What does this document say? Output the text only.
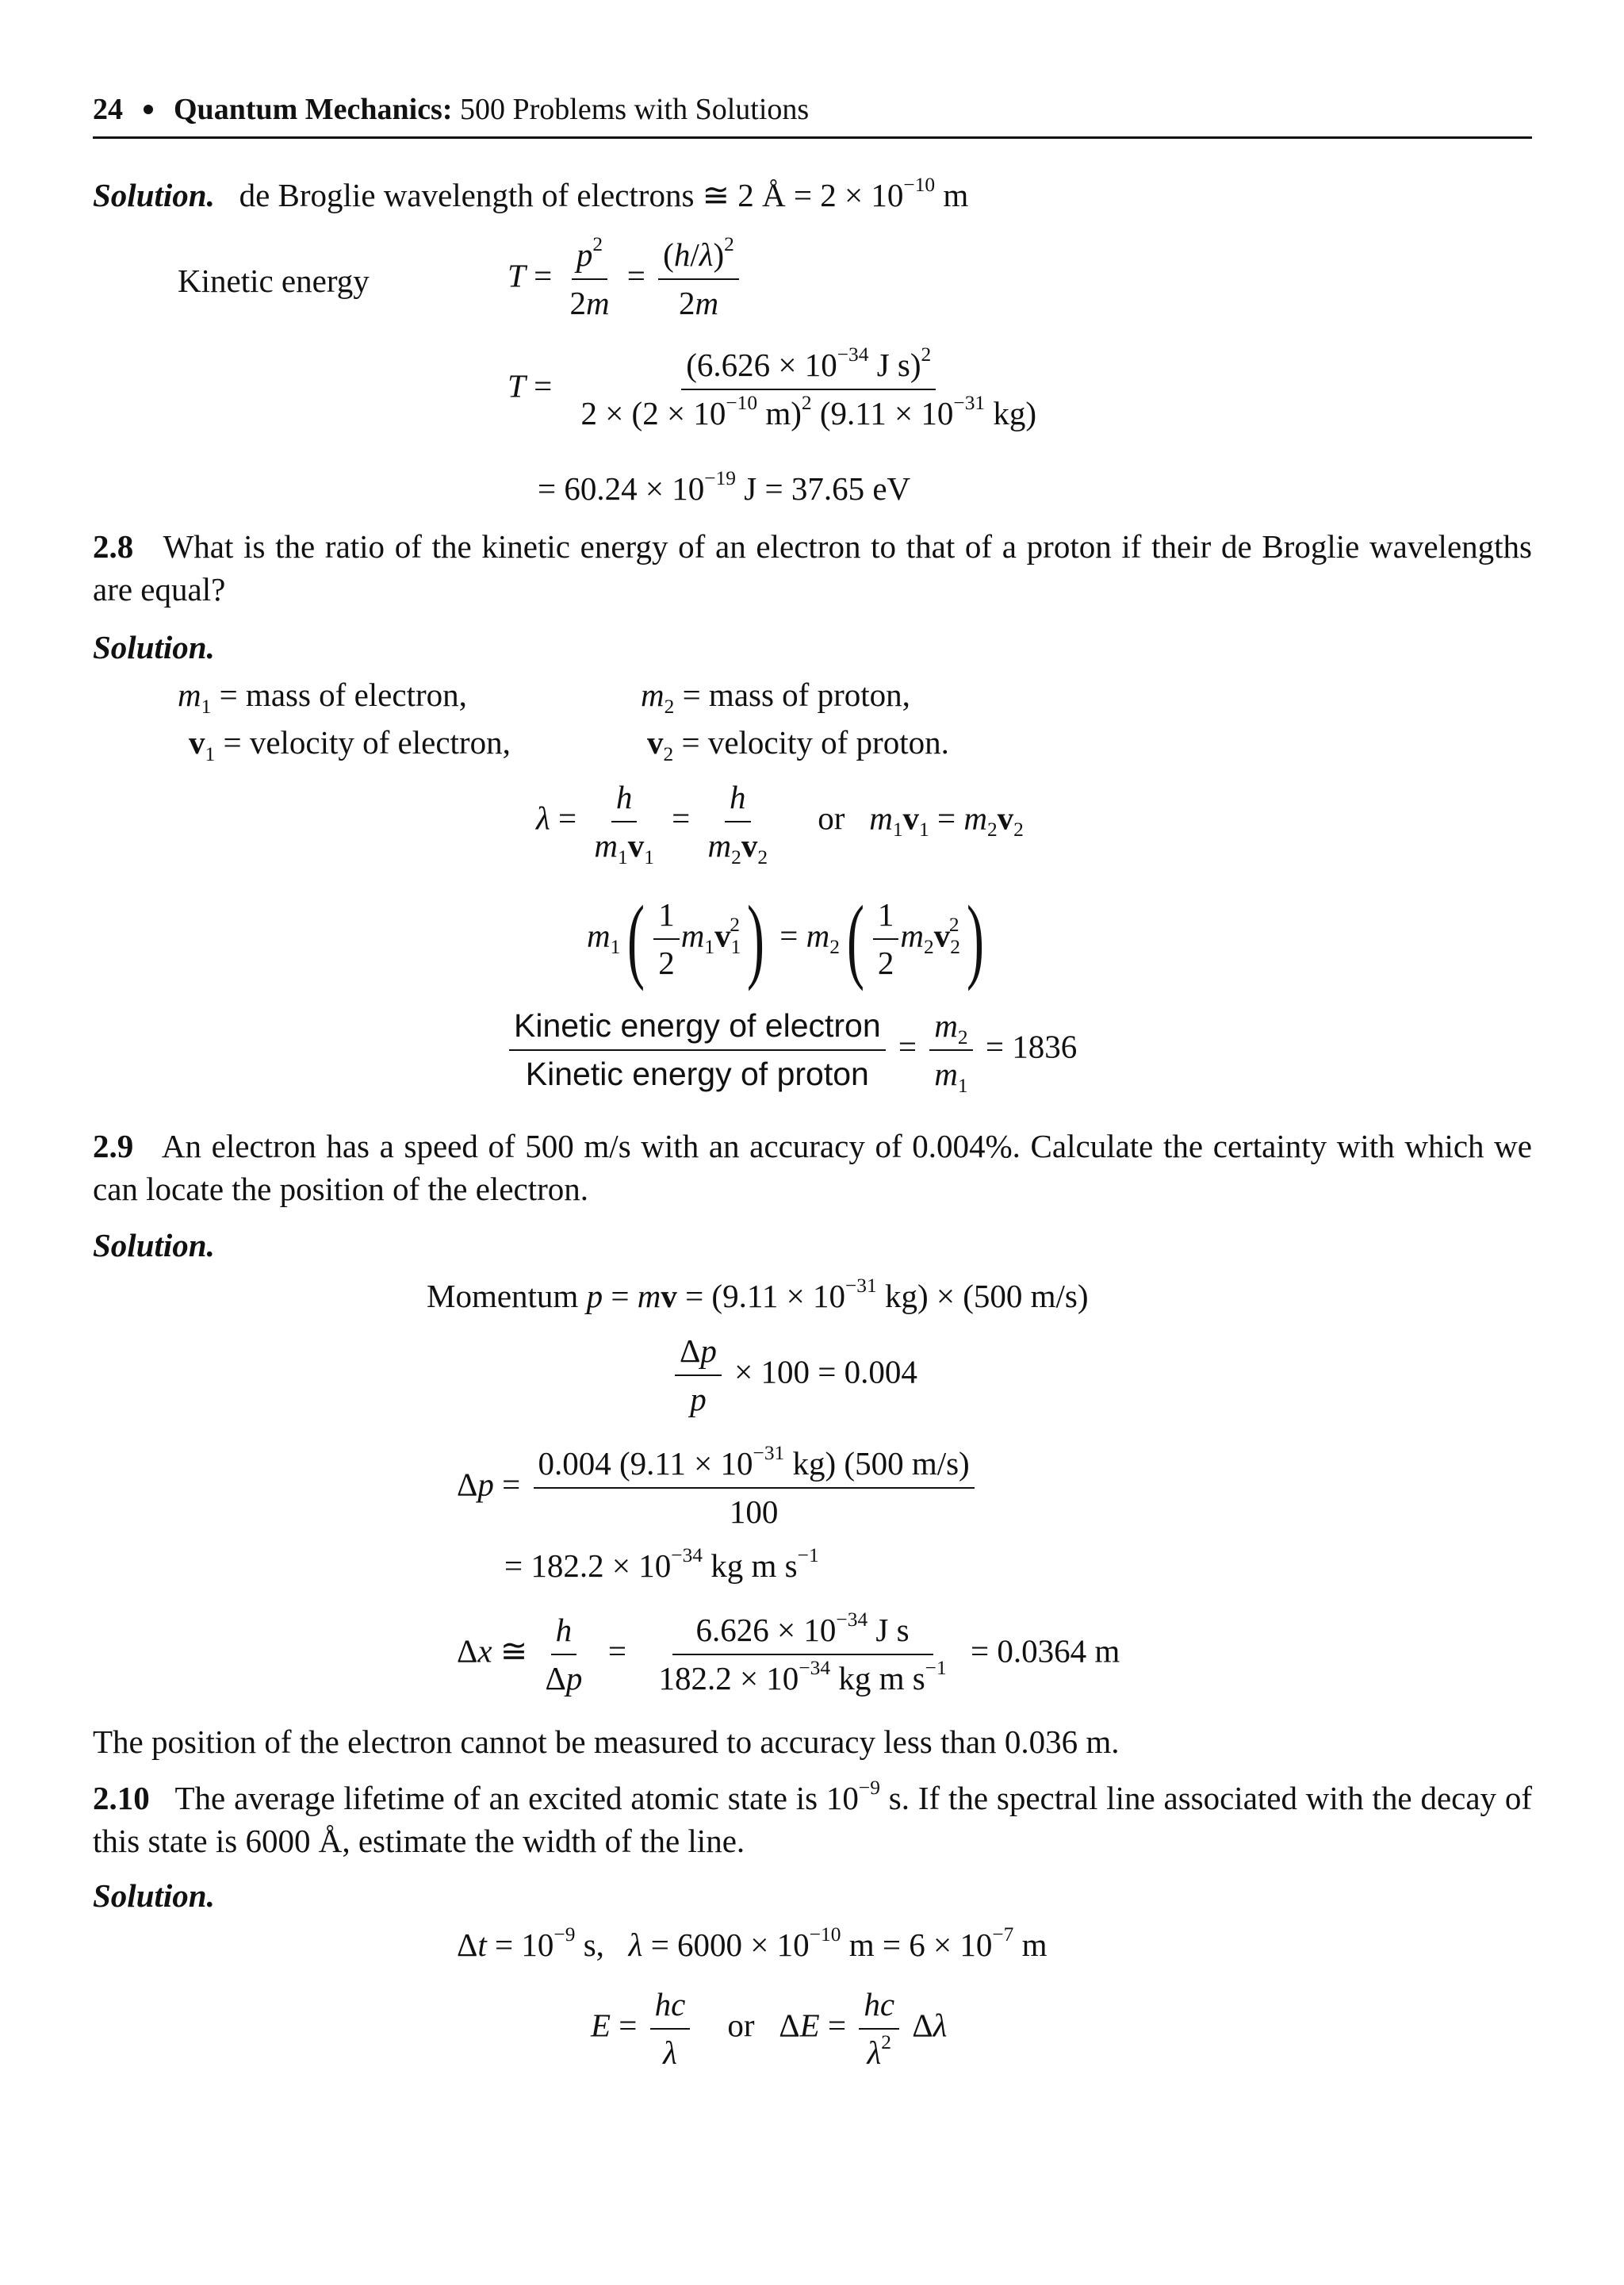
24 Quantum Mechanics: 500 Problems with Solutions
Solution. de Broglie wavelength of electrons ≅ 2 Å = $2 \times 10^{-10}$ m
Kinetic energy	$T = \frac{p^2}{2m} = \frac{(h/\lambda)^2}{2m}$
$T = \frac{(6.626 \times 10^{-34} J s)^2}{2 \times (2 \times 10^{-10} m)^2 (9.11 \times 10^{-31} kg)}$
= $60.24 \times 10^{-19}$ J = 37.65 eV
2.8 What is the ratio of the kinetic energy of an electron to that of a proton if their de Broglie wavelengths are equal?
Solution.
$m_1$ = mass of electron,	$m_2$ = mass of proton,
$v_1$ = velocity of electron,	$v_2$ = velocity of proton.
$\lambda = \frac{h}{m_1v_1} = \frac{h}{m_2v_2}$ or $m_1v_1 = m_2v_2$
$m_1( \frac{1}{2} m_1v_1^2) = m_2( \frac{1}{2} m_2v_2^2)$
$\frac{\text{Kinetic energy of electron}}{\text{Kinetic energy of proton}} = \frac{m_2}{m_1} = 1836$
2.9 An electron has a speed of 500 m/s with an accuracy of 0.004%. Calculate the certainty with which we can locate the position of the electron.
Solution.
Momentum p = mv = ($9.11 \times 10^{-31}$ kg) × (500 m/s)
$\frac{\Delta p}{p} \times 100 = 0.004$
$\Delta p = \frac{0.004 (9.11 \times 10^{-31} kg) (500 m/s)}{100}$
= $182.2 \times 10^{-34}$ kg m $s^{-1}$
Δx ≅ $\frac{h}{\Delta p} = \frac{6.626 \times 10^{-34} J s}{182.2 \times 10^{-34} kg m s^{-1}} = 0.0364$ m
The position of the electron cannot be measured to accuracy less than 0.036 m.
2.10 The average lifetime of an excited atomic state is $10^{-9}$ s. If the spectral line associated with the decay of this state is 6000 Å, estimate the width of the line.
Solution.
$\Delta t = 10^{-9}$ s, $\lambda = 6000 \times 10^{-10}$ $m = 6 \times 10^{-7}$ m
$E = \frac{hc}{\lambda}$ or   $\Delta E = \frac{hc}{\lambda^2}$ Δλ
